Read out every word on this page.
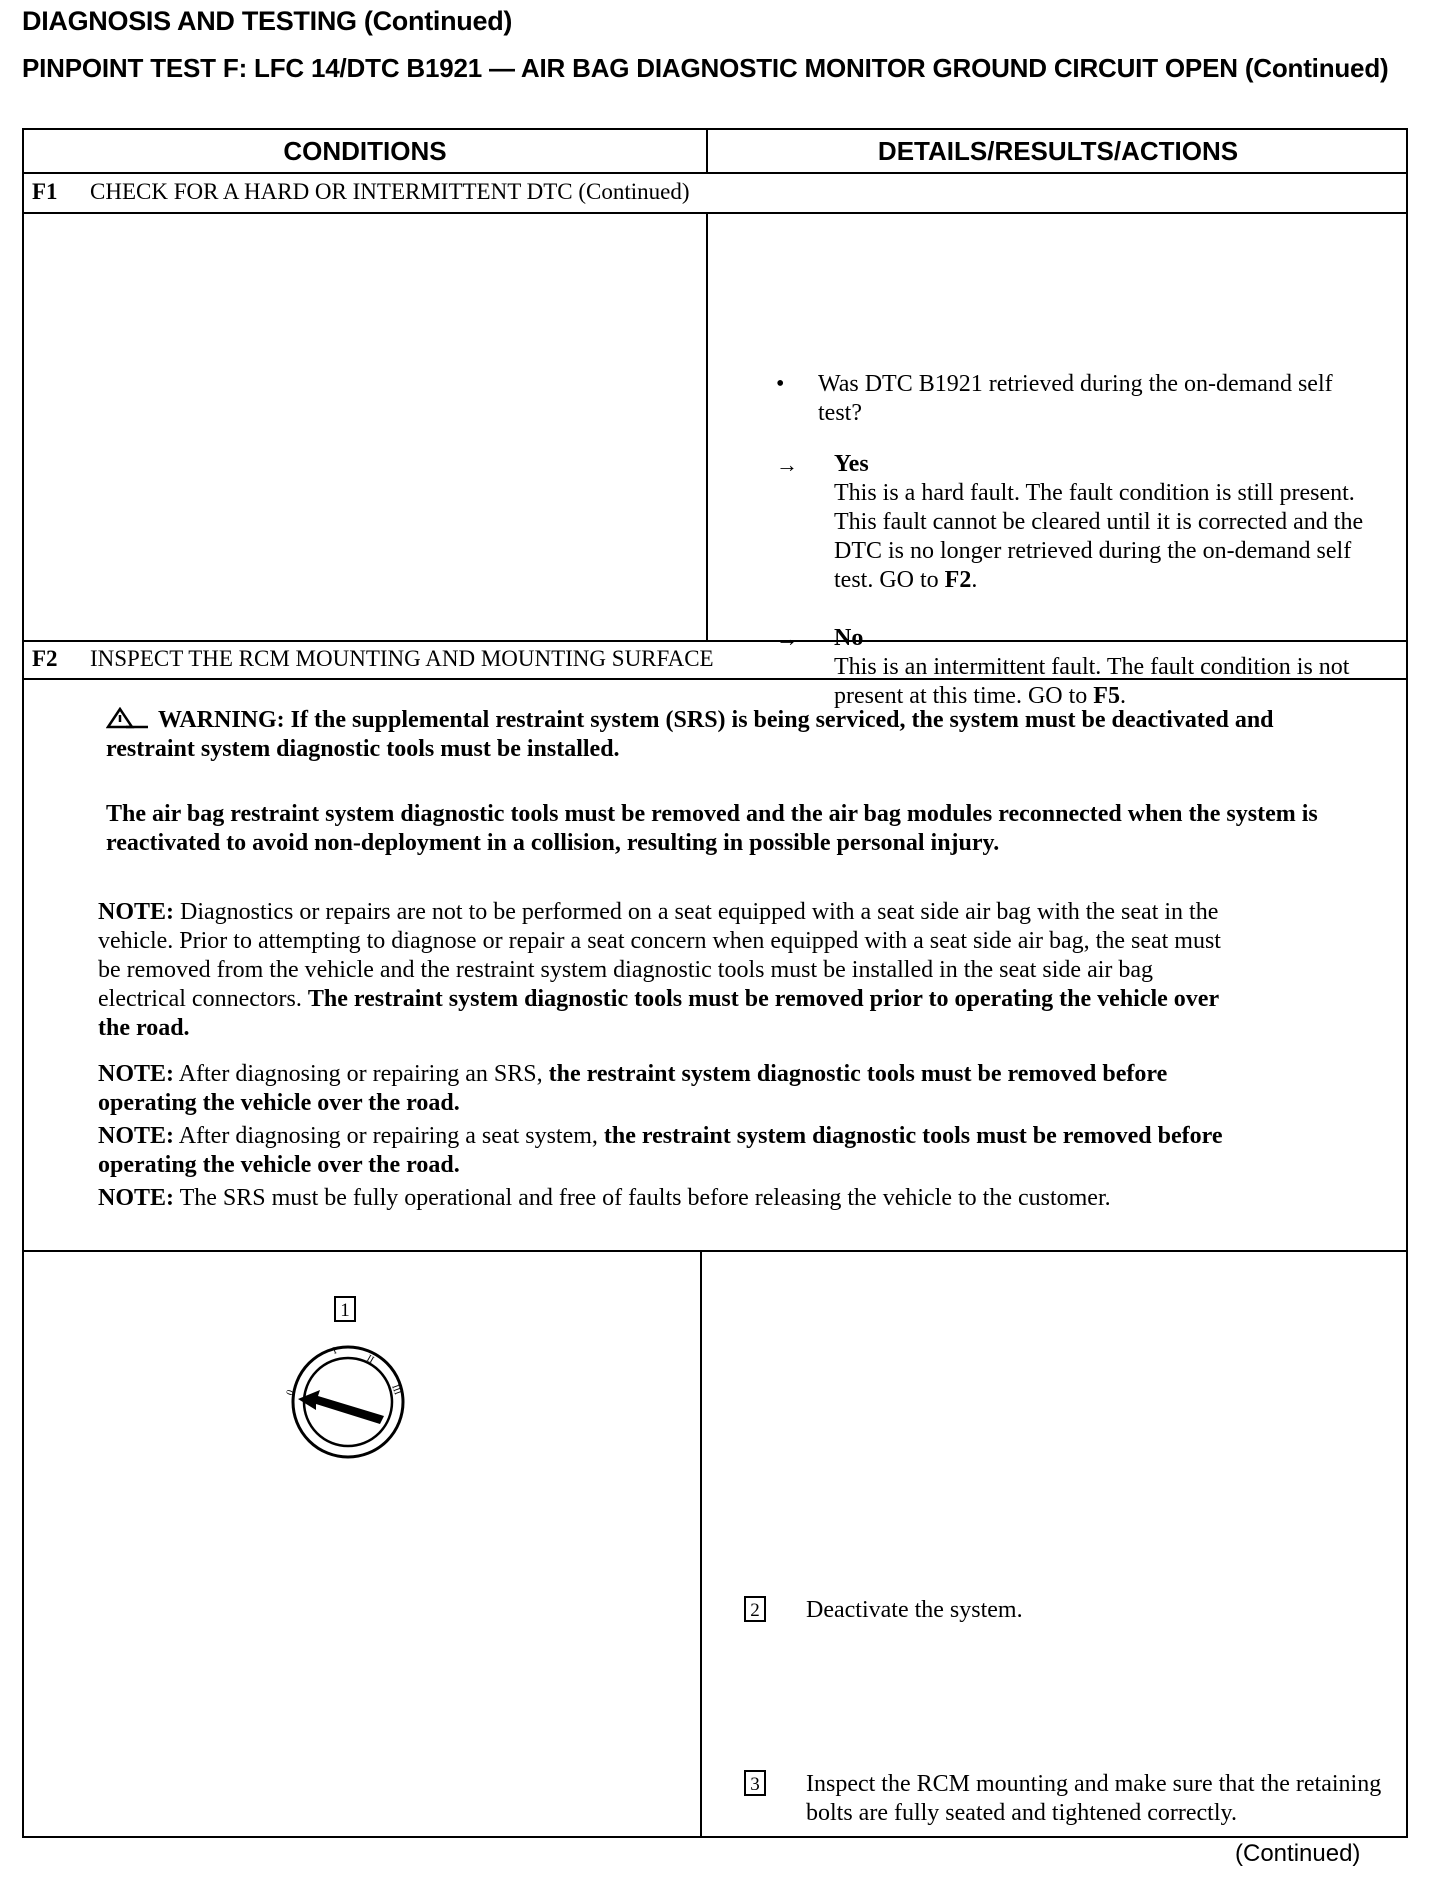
DIAGNOSIS AND TESTING (Continued)
PINPOINT TEST F: LFC 14/DTC B1921 — AIR BAG DIAGNOSTIC MONITOR GROUND CIRCUIT OPEN (Continued)
CONDITIONS	DETAILS/RESULTS/ACTIONS
F1 CHECK FOR A HARD OR INTERMITTENT DTC (Continued)
• Was DTC B1921 retrieved during the on-demand self test?
→ Yes
This is a hard fault. The fault condition is still present. This fault cannot be cleared until it is corrected and the DTC is no longer retrieved during the on-demand self test. GO to F2.
→ No
This is an intermittent fault. The fault condition is not present at this time. GO to F5.
F2 INSPECT THE RCM MOUNTING AND MOUNTING SURFACE
WARNING: If the supplemental restraint system (SRS) is being serviced, the system must be deactivated and restraint system diagnostic tools must be installed.
The air bag restraint system diagnostic tools must be removed and the air bag modules reconnected when the system is reactivated to avoid non-deployment in a collision, resulting in possible personal injury.
NOTE: Diagnostics or repairs are not to be performed on a seat equipped with a seat side air bag with the seat in the vehicle. Prior to attempting to diagnose or repair a seat concern when equipped with a seat side air bag, the seat must be removed from the vehicle and the restraint system diagnostic tools must be installed in the seat side air bag electrical connectors. The restraint system diagnostic tools must be removed prior to operating the vehicle over the road.
NOTE: After diagnosing or repairing an SRS, the restraint system diagnostic tools must be removed before operating the vehicle over the road.
NOTE: After diagnosing or repairing a seat system, the restraint system diagnostic tools must be removed before operating the vehicle over the road.
NOTE: The SRS must be fully operational and free of faults before releasing the vehicle to the customer.
1
0
I
II
III
2 Deactivate the system.
3 Inspect the RCM mounting and make sure that the retaining bolts are fully seated and tightened correctly.
(Continued)
